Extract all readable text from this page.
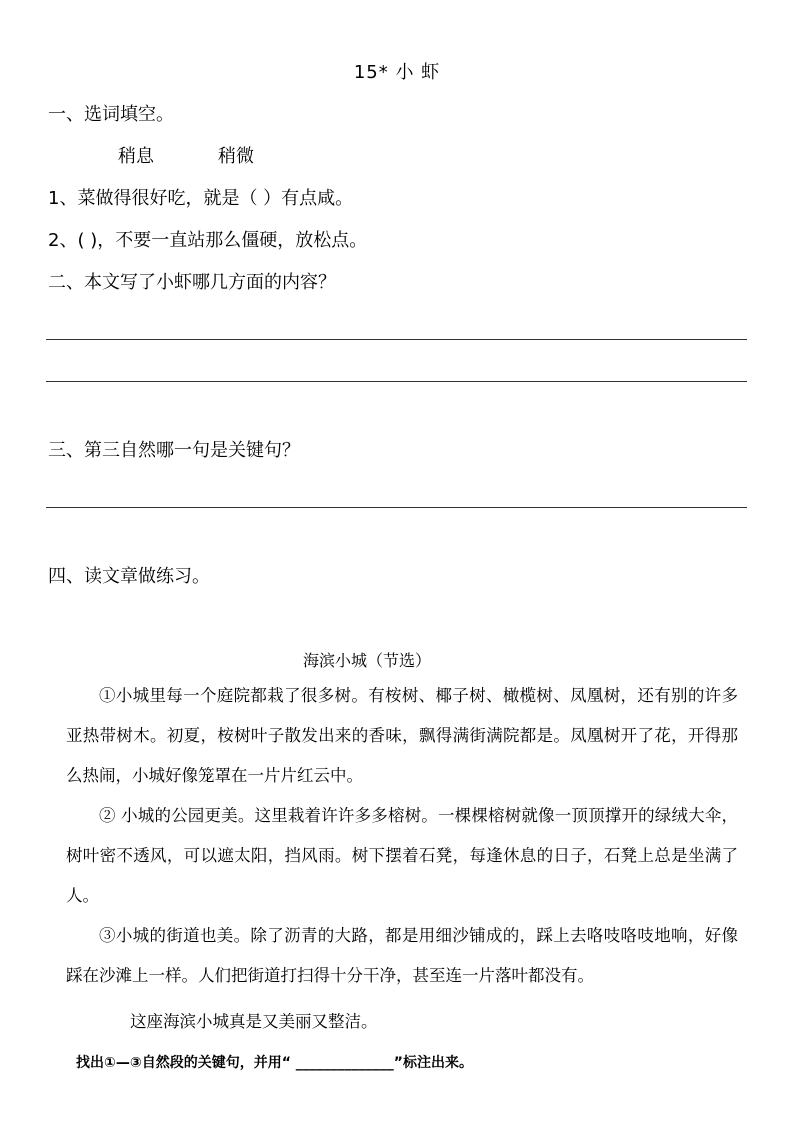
15* 小 虾
一、选词填空。
稍息	稍微
1、菜做得很好吃，就是（ ）有点咸。
2、( )，不要一直站那么僵硬，放松点。
二、本文写了小虾哪几方面的内容？
三、第三自然哪一句是关键句？
四、读文章做练习。
海滨小城（节选）
①小城里每一个庭院都栽了很多树。有桉树、椰子树、橄榄树、凤凰树，还有别的许多亚热带树木。初夏，桉树叶子散发出来的香味，飘得满街满院都是。凤凰树开了花，开得那么热闹，小城好像笼罩在一片片红云中。
② 小城的公园更美。这里栽着许许多多榕树。一棵棵榕树就像一顶顶撑开的绿绒大伞，树叶密不透风，可以遮太阳，挡风雨。树下摆着石凳，每逢休息的日子，石凳上总是坐满了人。
③小城的街道也美。除了沥青的大路，都是用细沙铺成的，踩上去咯吱咯吱地响，好像踩在沙滩上一样。人们把街道打扫得十分干净，甚至连一片落叶都没有。
这座海滨小城真是又美丽又整洁。
找出①—③自然段的关键句，并用“ ______________”标注出来。
